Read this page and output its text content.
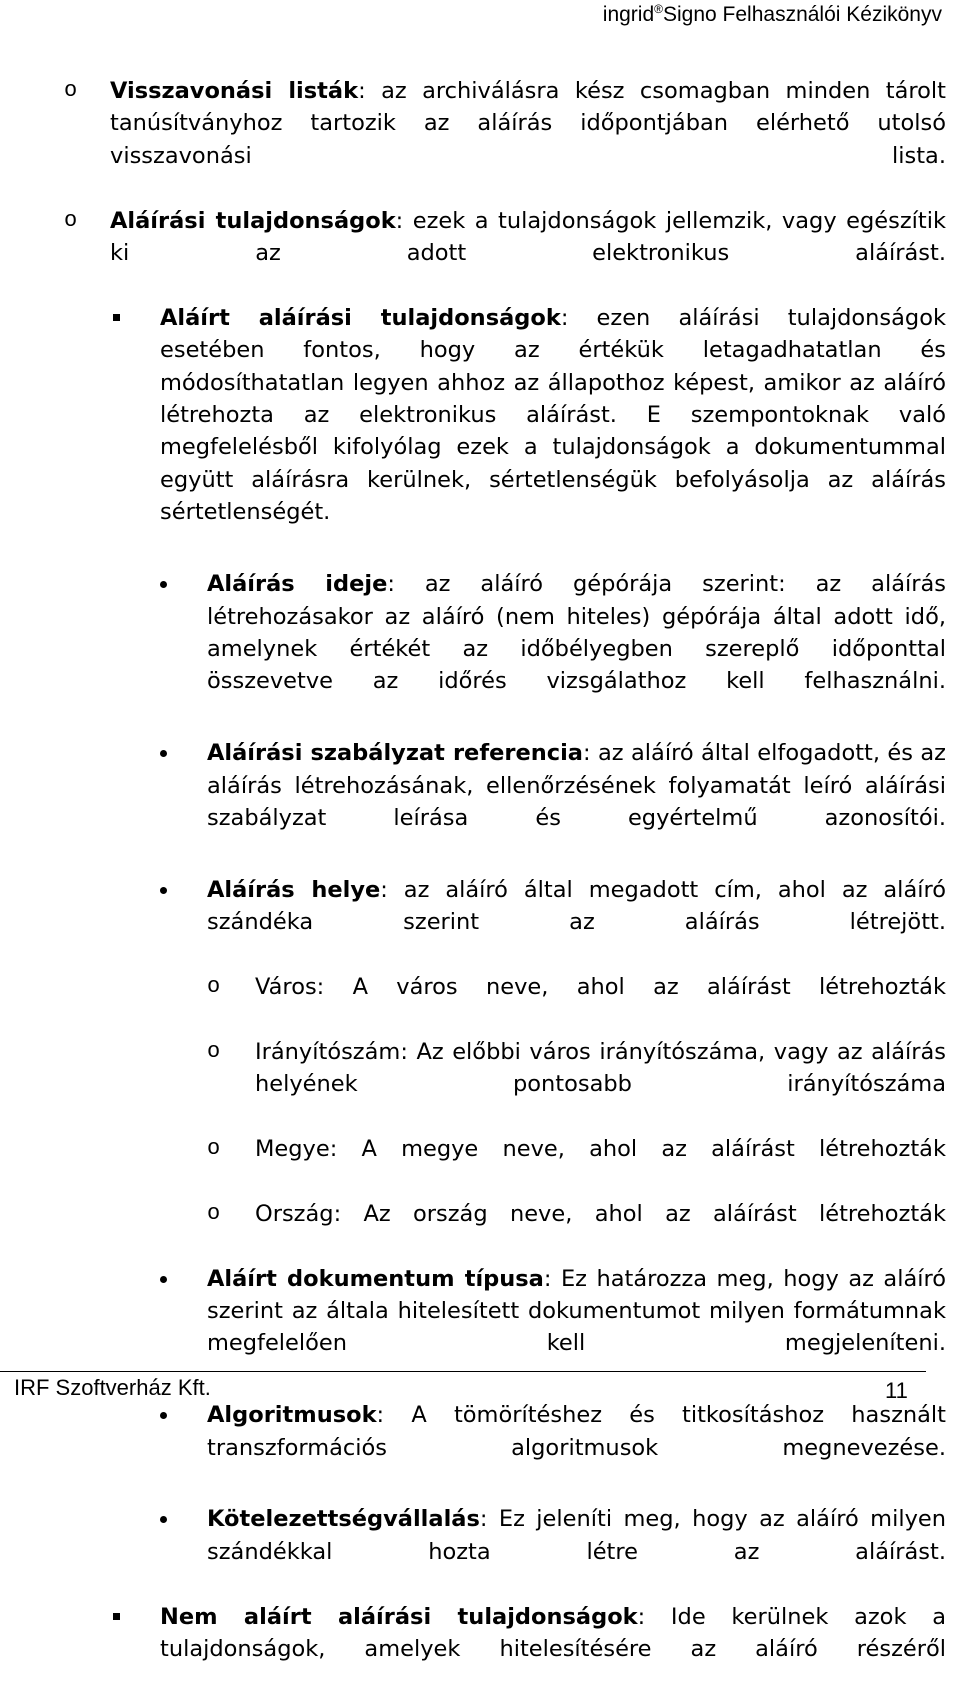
ingrid®Signo Felhasználói Kézikönyv
o Visszavonási listák: az archiválásra kész csomagban minden tárolt tanúsítványhoz tartozik az aláírás időpontjában elérhető utolsó visszavonási lista.
o Aláírási tulajdonságok: ezek a tulajdonságok jellemzik, vagy egészítik ki az adott elektronikus aláírást.
Aláírt aláírási tulajdonságok: ezen aláírási tulajdonságok esetében fontos, hogy az értékük letagadhatatlan és módosíthatatlan legyen ahhoz az állapothoz képest, amikor az aláíró létrehozta az elektronikus aláírást. E szempontoknak való megfelelésből kifolyólag ezek a tulajdonságok a dokumentummal együtt aláírásra kerülnek, sértetlenségük befolyásolja az aláírás sértetlenségét.
Aláírás ideje: az aláíró gépórája szerint: az aláírás létrehozásakor az aláíró (nem hiteles) gépórája által adott idő, amelynek értékét az időbélyegben szereplő időponttal összevetve az időrés vizsgálathoz kell felhasználni.
Aláírási szabályzat referencia: az aláíró által elfogadott, és az aláírás létrehozásának, ellenőrzésének folyamatát leíró aláírási szabályzat leírása és egyértelmű azonosítói.
Aláírás helye: az aláíró által megadott cím, ahol az aláíró szándéka szerint az aláírás létrejött.
o Város: A város neve, ahol az aláírást létrehozták
o Irányítószám: Az előbbi város irányítószáma, vagy az aláírás helyének pontosabb irányítószáma
o Megye: A megye neve, ahol az aláírást létrehozták
o Ország: Az ország neve, ahol az aláírást létrehozták
Aláírt dokumentum típusa: Ez határozza meg, hogy az aláíró szerint az általa hitelesített dokumentumot milyen formátumnak megfelelően kell megjeleníteni.
Algoritmusok: A tömörítéshez és titkosításhoz használt transzformációs algoritmusok megnevezése.
Kötelezettségvállalás: Ez jeleníti meg, hogy az aláíró milyen szándékkal hozta létre az aláírást.
Nem aláírt aláírási tulajdonságok: Ide kerülnek azok a tulajdonságok, amelyek hitelesítésére az aláíró részéről
IRF Szoftverház Kft.	11
